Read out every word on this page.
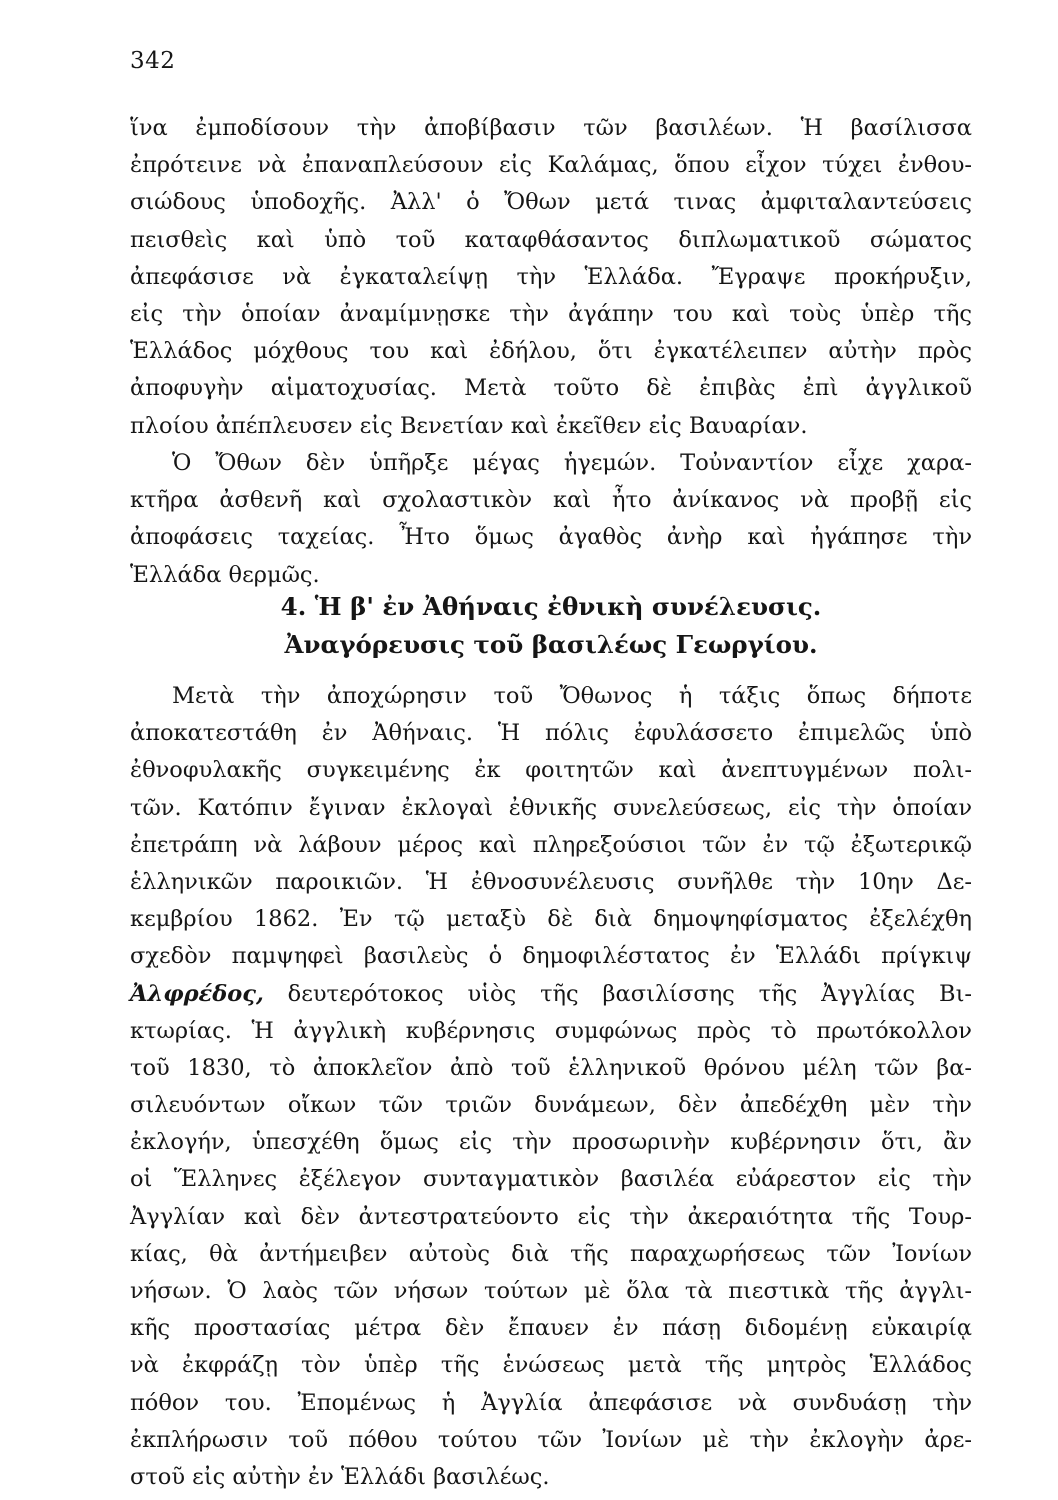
342
ἵνα ἐμποδίσουν τὴν ἀποβίβασιν τῶν βασιλέων. Ἡ βασίλισσα
ἐπρότεινε νὰ ἐπαναπλεύσουν εἰς Καλάμας, ὅπου εἶχον τύχει ἐνθου-
σιώδους ὑποδοχῆς. Ἀλλ' ὁ Ὄθων μετά τινας ἀμφιταλαντεύσεις
πεισθεὶς καὶ ὑπὸ τοῦ καταφθάσαντος διπλωματικοῦ σώματος
ἀπεφάσισε νὰ ἐγκαταλείψῃ τὴν Ἑλλάδα. Ἔγραψε προκήρυξιν,
εἰς τὴν ὁποίαν ἀναμίμνῃσκε τὴν ἀγάπην του καὶ τοὺς ὑπὲρ τῆς
Ἑλλάδος μόχθους του καὶ ἐδήλου, ὅτι ἐγκατέλειπεν αὐτὴν πρὸς
ἀποφυγὴν αἱματοχυσίας. Μετὰ τοῦτο δὲ ἐπιβὰς ἐπὶ ἀγγλικοῦ
πλοίου ἀπέπλευσεν εἰς Βενετίαν καὶ ἐκεῖθεν εἰς Βαυαρίαν.
Ὁ Ὄθων δὲν ὑπῆρξε μέγας ἡγεμών. Τοὐναντίον εἶχε χαρα-
κτῆρα ἀσθενῆ καὶ σχολαστικὸν καὶ ἦτο ἀνίκανος νὰ προβῇ εἰς
ἀποφάσεις ταχείας. Ἦτο ὅμως ἀγαθὸς ἀνὴρ καὶ ἠγάπησε τὴν
Ἑλλάδα θερμῶς.
4. Ἡ β' ἐν Ἀθήναις ἐθνικὴ συνέλευσις.
Ἀναγόρευσις τοῦ βασιλέως Γεωργίου.
Μετὰ τὴν ἀποχώρησιν τοῦ Ὄθωνος ἡ τάξις ὅπως δήποτε
ἀποκατεστάθη ἐν Ἀθήναις. Ἡ πόλις ἐφυλάσσετο ἐπιμελῶς ὑπὸ
ἐθνοφυλακῆς συγκειμένης ἐκ φοιτητῶν καὶ ἀνεπτυγμένων πολι-
τῶν. Κατόπιν ἔγιναν ἐκλογαὶ ἐθνικῆς συνελεύσεως, εἰς τὴν ὁποίαν
ἐπετράπη νὰ λάβουν μέρος καὶ πληρεξούσιοι τῶν ἐν τῷ ἐξωτερικῷ
ἑλληνικῶν παροικιῶν. Ἡ ἐθνοσυνέλευσις συνῆλθε τὴν 10ην Δε-
κεμβρίου 1862. Ἐν τῷ μεταξὺ δὲ διὰ δημοψηφίσματος ἐξελέχθη
σχεδὸν παμψηφεὶ βασιλεὺς ὁ δημοφιλέστατος ἐν Ἑλλάδι πρίγκιψ
Ἀλφρέδος, δευτερότοκος υἱὸς τῆς βασιλίσσης τῆς Ἀγγλίας Βι-
κτωρίας. Ἡ ἀγγλικὴ κυβέρνησις συμφώνως πρὸς τὸ πρωτόκολλον
τοῦ 1830, τὸ ἀποκλεῖον ἀπὸ τοῦ ἑλληνικοῦ θρόνου μέλη τῶν βα-
σιλευόντων οἴκων τῶν τριῶν δυνάμεων, δὲν ἀπεδέχθη μὲν τὴν
ἐκλογήν, ὑπεσχέθη ὅμως εἰς τὴν προσωρινὴν κυβέρνησιν ὅτι, ἂν
οἱ Ἕλληνες ἐξέλεγον συνταγματικὸν βασιλέα εὐάρεστον εἰς τὴν
Ἀγγλίαν καὶ δὲν ἀντεστρατεύοντο εἰς τὴν ἀκεραιότητα τῆς Τουρ-
κίας, θὰ ἀντήμειβεν αὐτοὺς διὰ τῆς παραχωρήσεως τῶν Ἰονίων
νήσων. Ὁ λαὸς τῶν νήσων τούτων μὲ ὅλα τὰ πιεστικὰ τῆς ἀγγλι-
κῆς προστασίας μέτρα δὲν ἔπαυεν ἐν πάσῃ διδομένῃ εὐκαιρίᾳ
νὰ ἐκφράζῃ τὸν ὑπὲρ τῆς ἑνώσεως μετὰ τῆς μητρὸς Ἑλλάδος
πόθον του. Ἐπομένως ἡ Ἀγγλία ἀπεφάσισε νὰ συνδυάσῃ τὴν
ἐκπλήρωσιν τοῦ πόθου τούτου τῶν Ἰονίων μὲ τὴν ἐκλογὴν ἀρε-
στοῦ εἰς αὐτὴν ἐν Ἑλλάδι βασιλέως.
